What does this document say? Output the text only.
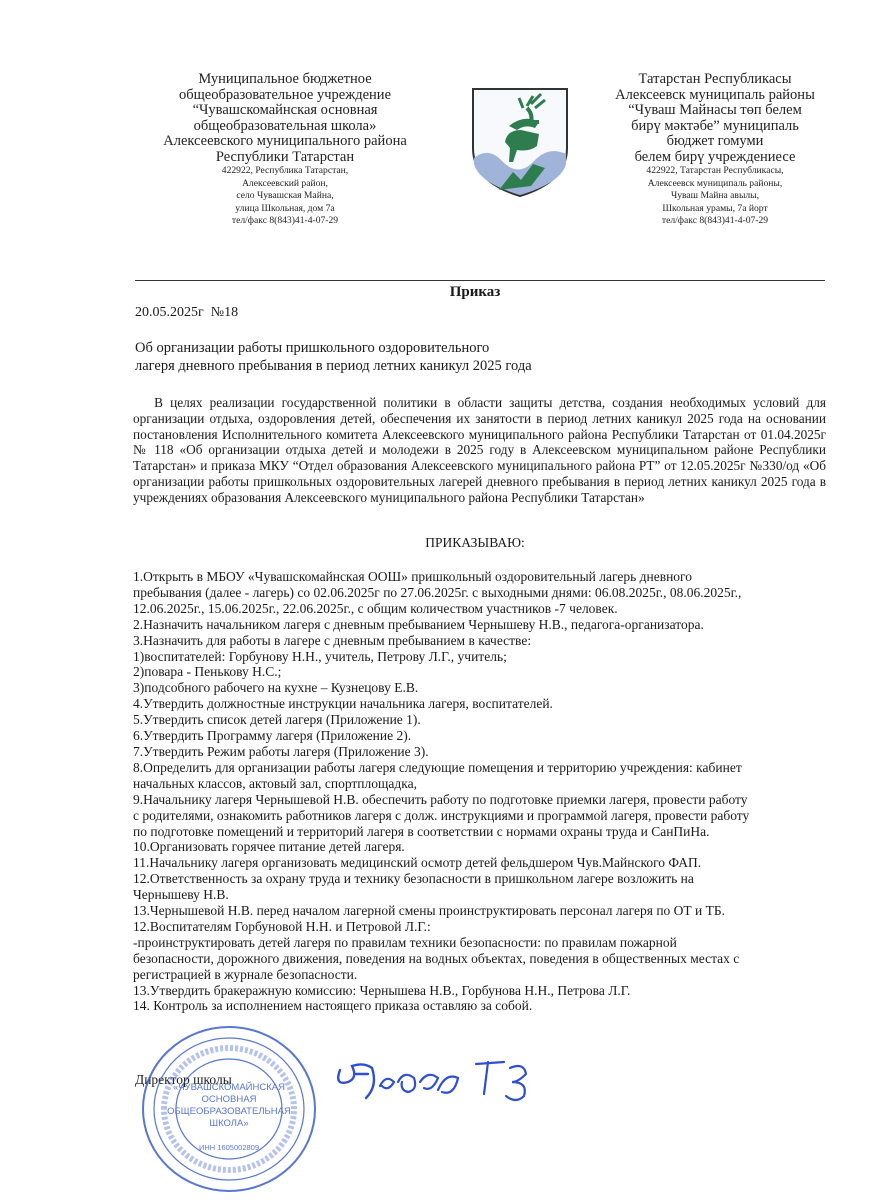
Муниципальное бюджетное
общеобразовательное учреждение
“Чувашскомайнская основная
общеобразовательная школа»
Алексеевского муниципального района
Республики Татарстан
422922, Республика Татарстан,
Алексеевский район,
село Чувашская Майна,
улица Школьная, дом 7а
тел/факс 8(843)41-4-07-29
Татарстан Республикасы
Алексеевск муниципаль районы
“Чуваш Майнасы төп белем
бирү мәктәбе” муниципаль
бюджет гомуми
белем бирү учреждениесе
422922, Татарстан Республикасы,
Алексеевск муниципаль районы,
Чуваш Майна авылы,
Школьная урамы, 7а йорт
тел/факс 8(843)41-4-07-29
Приказ
20.05.2025г  №18
Об организации работы пришкольного оздоровительного
лагеря дневного пребывания в период летних каникул 2025 года
В целях реализации государственной политики в области защиты детства, создания необходимых условий для организации отдыха, оздоровления детей, обеспечения их занятости в период летних каникул 2025 года на основании постановления Исполнительного комитета Алексеевского муниципального района Республики Татарстан от 01.04.2025г № 118 «Об организации отдыха детей и молодежи в 2025 году в Алексеевском муниципальном районе Республики Татарстан» и приказа МКУ “Отдел образования Алексеевского муниципального района РТ” от 12.05.2025г №330/од «Об организации работы пришкольных оздоровительных лагерей дневного пребывания в период летних каникул 2025 года в учреждениях образования Алексеевского муниципального района Республики Татарстан»
ПРИКАЗЫВАЮ:
1.Открыть в МБОУ «Чувашскомайнская ООШ» пришкольный оздоровительный лагерь дневного
пребывания (далее - лагерь) со 02.06.2025г по 27.06.2025г. с выходными днями: 06.08.2025г., 08.06.2025г.,
12.06.2025г., 15.06.2025г., 22.06.2025г., с общим количеством участников -7 человек.
2.Назначить начальником лагеря с дневным пребыванием Чернышеву Н.В., педагога-организатора.
3.Назначить для работы в лагере с дневным пребыванием в качестве:
1)воспитателей: Горбунову Н.Н., учитель, Петрову Л.Г., учитель;
2)повара - Пенькову Н.С.;
3)подсобного рабочего на кухне – Кузнецову Е.В.
4.Утвердить должностные инструкции начальника лагеря, воспитателей.
5.Утвердить список детей лагеря (Приложение 1).
6.Утвердить Программу лагеря (Приложение 2).
7.Утвердить Режим работы лагеря (Приложение 3).
8.Определить для организации работы лагеря следующие помещения и территорию учреждения: кабинет
начальных классов, актовый зал, спортплощадка,
9.Начальнику лагеря Чернышевой Н.В. обеспечить работу по подготовке приемки лагеря, провести работу
с родителями, ознакомить работников лагеря с долж. инструкциями и программой лагеря, провести работу
по подготовке помещений и территорий лагеря в соответствии с нормами охраны труда и СанПиНа.
10.Организовать горячее питание детей лагеря.
11.Начальнику лагеря организовать медицинский осмотр детей фельдшером Чув.Майнского ФАП.
12.Ответственность за охрану труда и технику безопасности в пришкольном лагере возложить на
Чернышеву Н.В.
13.Чернышевой Н.В. перед началом лагерной смены проинструктировать персонал лагеря по ОТ и ТБ.
12.Воспитателям Горбуновой Н.Н. и Петровой Л.Г.:
-проинструктировать детей лагеря по правилам техники безопасности: по правилам пожарной
безопасности, дорожного движения, поведения на водных объектах, поведения в общественных местах с
регистрацией в журнале безопасности.
13.Утвердить бракеражную комиссию: Чернышева Н.В., Горбунова Н.Н., Петрова Л.Г.
14. Контроль за исполнением настоящего приказа оставляю за собой.
Директор школы
«ЧУВАШСКОМАЙНСКАЯ
ОСНОВНАЯ
ОБЩЕОБРАЗОВАТЕЛЬНАЯ
ШКОЛА»
ИНН 1605002809
